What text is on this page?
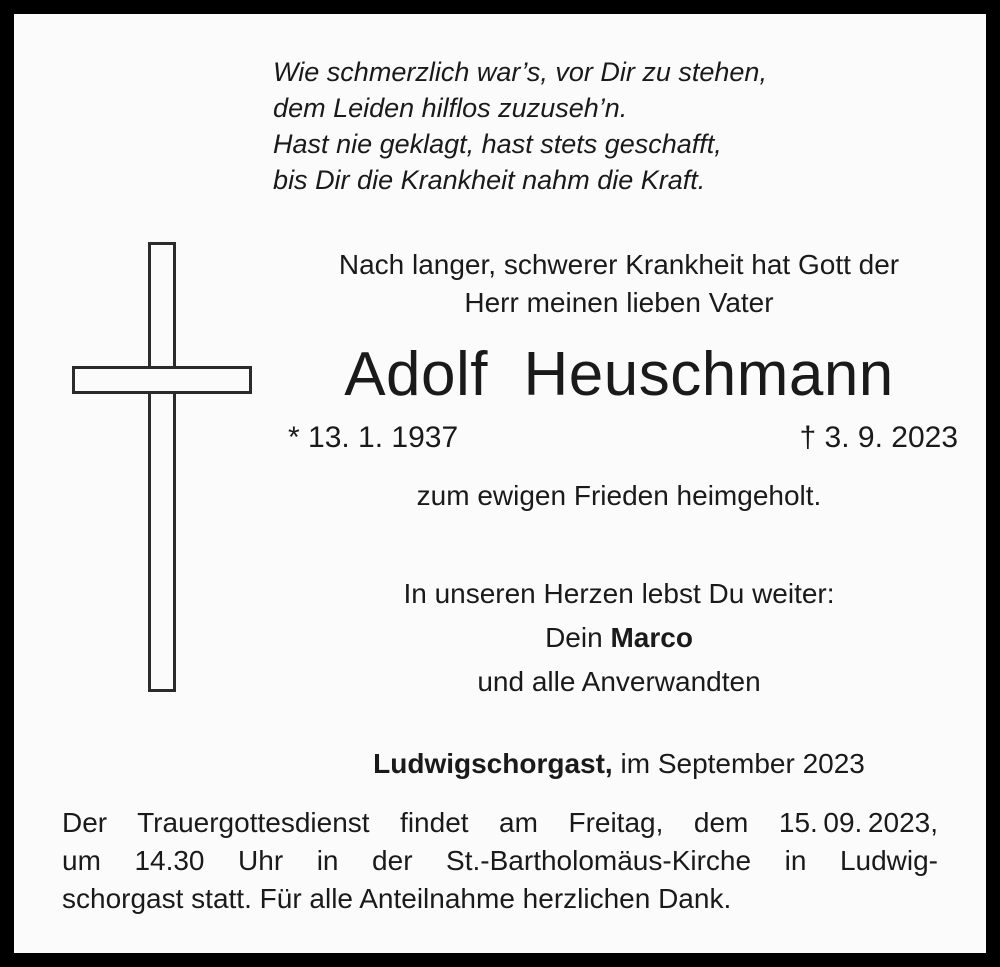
Wie schmerzlich war’s, vor Dir zu stehen,
dem Leiden hilflos zuzuseh’n.
Hast nie geklagt, hast stets geschafft,
bis Dir die Krankheit nahm die Kraft.
Nach langer, schwerer Krankheit hat Gott der
Herr meinen lieben Vater
Adolf  Heuschmann
* 13. 1. 1937	† 3. 9. 2023
zum ewigen Frieden heimgeholt.
In unseren Herzen lebst Du weiter:
Dein Marco
und alle Anverwandten
Ludwigschorgast, im September 2023
Der Trauergottesdienst findet am Freitag, dem 15. 09. 2023,
um 14.30 Uhr in der St.-Bartholomäus-Kirche in Ludwig-
schorgast statt. Für alle Anteilnahme herzlichen Dank.
